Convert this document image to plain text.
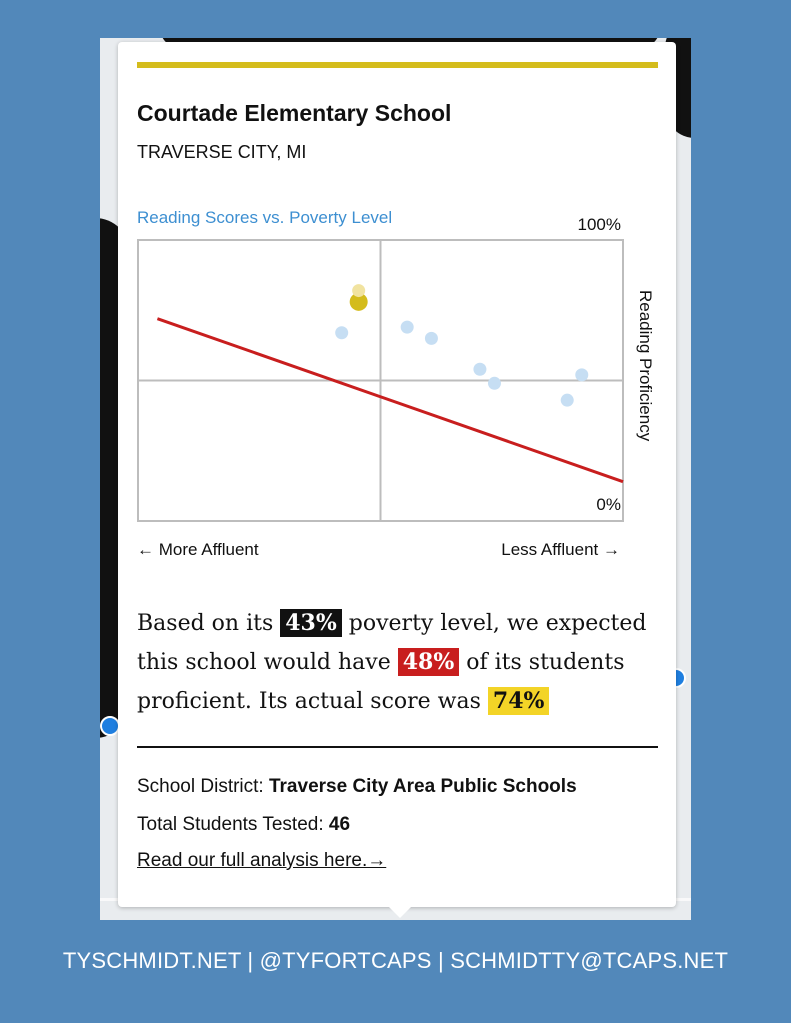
Courtade Elementary School
TRAVERSE CITY, MI
Reading Scores vs. Poverty Level	100%
0%
Reading Proficiency
← More Affluent	Less Affluent →
Based on its 43% poverty level, we expected this school would have 48% of its students proficient. Its actual score was 74%
School District: Traverse City Area Public Schools
Total Students Tested: 46
Read our full analysis here.→
TYSCHMIDT.NET | @TYFORTCAPS | SCHMIDTTY@TCAPS.NET
